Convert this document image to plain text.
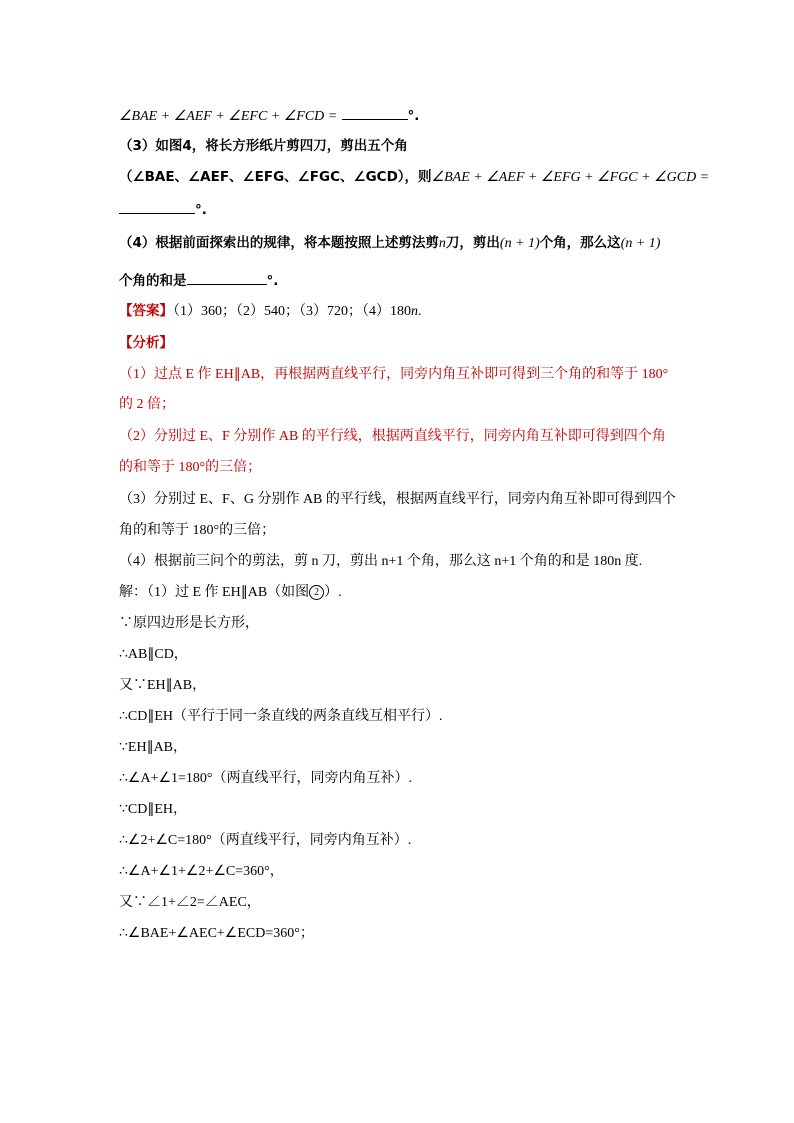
∠BAE + ∠AEF + ∠EFC + ∠FCD =	°.
（3）如图4，将长方形纸片剪四刀，剪出五个角
（∠BAE、∠AEF、∠EFG、∠FGC、∠GCD），则∠BAE + ∠AEF + ∠EFG + ∠FGC + ∠GCD =
°.
（4）根据前面探索出的规律，将本题按照上述剪法剪n刀，剪出(n + 1)个角，那么这(n + 1)
个角的和是	°.
【答案】（1）360；（2）540；（3）720；（4）180n.
【分析】
（1）过点 E 作 EH∥AB，再根据两直线平行，同旁内角互补即可得到三个角的和等于 180°
的 2 倍；
（2）分别过 E、F 分别作 AB 的平行线，根据两直线平行，同旁内角互补即可得到四个角
的和等于 180°的三倍；
（3）分别过 E、F、G 分别作 AB 的平行线，根据两直线平行，同旁内角互补即可得到四个
角的和等于 180°的三倍；
（4）根据前三问个的剪法，剪 n 刀，剪出 n+1 个角，那么这 n+1 个角的和是 180n 度.
解：（1）过 E 作 EH∥AB（如图 2 ）.
∵原四边形是长方形，
∴AB∥CD，
又∵EH∥AB，
∴CD∥EH（平行于同一条直线的两条直线互相平行）.
∵EH∥AB，
∴∠A+∠1=180°（两直线平行，同旁内角互补）.
∵CD∥EH，
∴∠2+∠C=180°（两直线平行，同旁内角互补）.
∴∠A+∠1+∠2+∠C=360°，
又∵∠1+∠2=∠AEC，
∴∠BAE+∠AEC+∠ECD=360°；
